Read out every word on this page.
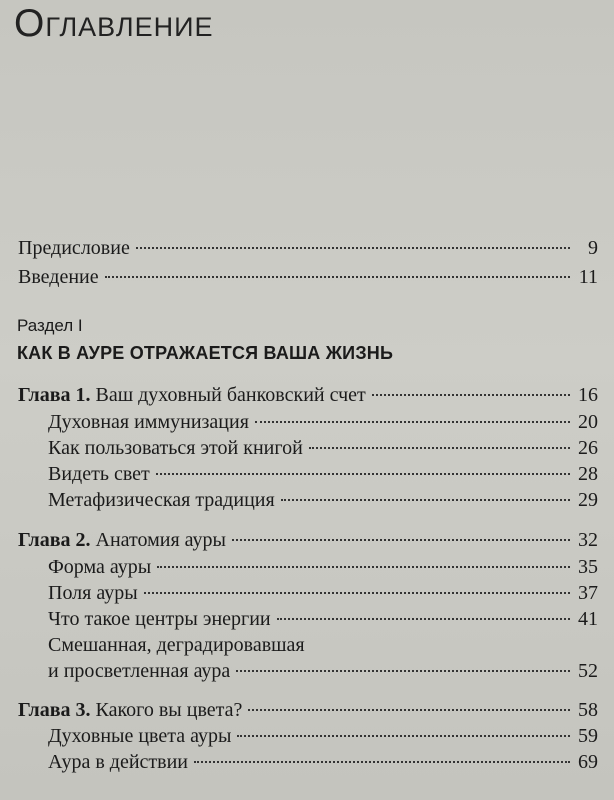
Оглавление
Предисловие	9
Введение	11
Раздел I
КАК В АУРЕ ОТРАЖАЕТСЯ ВАША ЖИЗНЬ
Глава 1. Ваш духовный банковский счет	16
Духовная иммунизация	20
Как пользоваться этой книгой	26
Видеть свет	28
Метафизическая традиция	29
Глава 2. Анатомия ауры	32
Форма ауры	35
Поля ауры	37
Что такое центры энергии	41
Смешанная, деградировавшая
и просветленная аура	52
Глава 3. Какого вы цвета?	58
Духовные цвета ауры	59
Аура в действии	69
